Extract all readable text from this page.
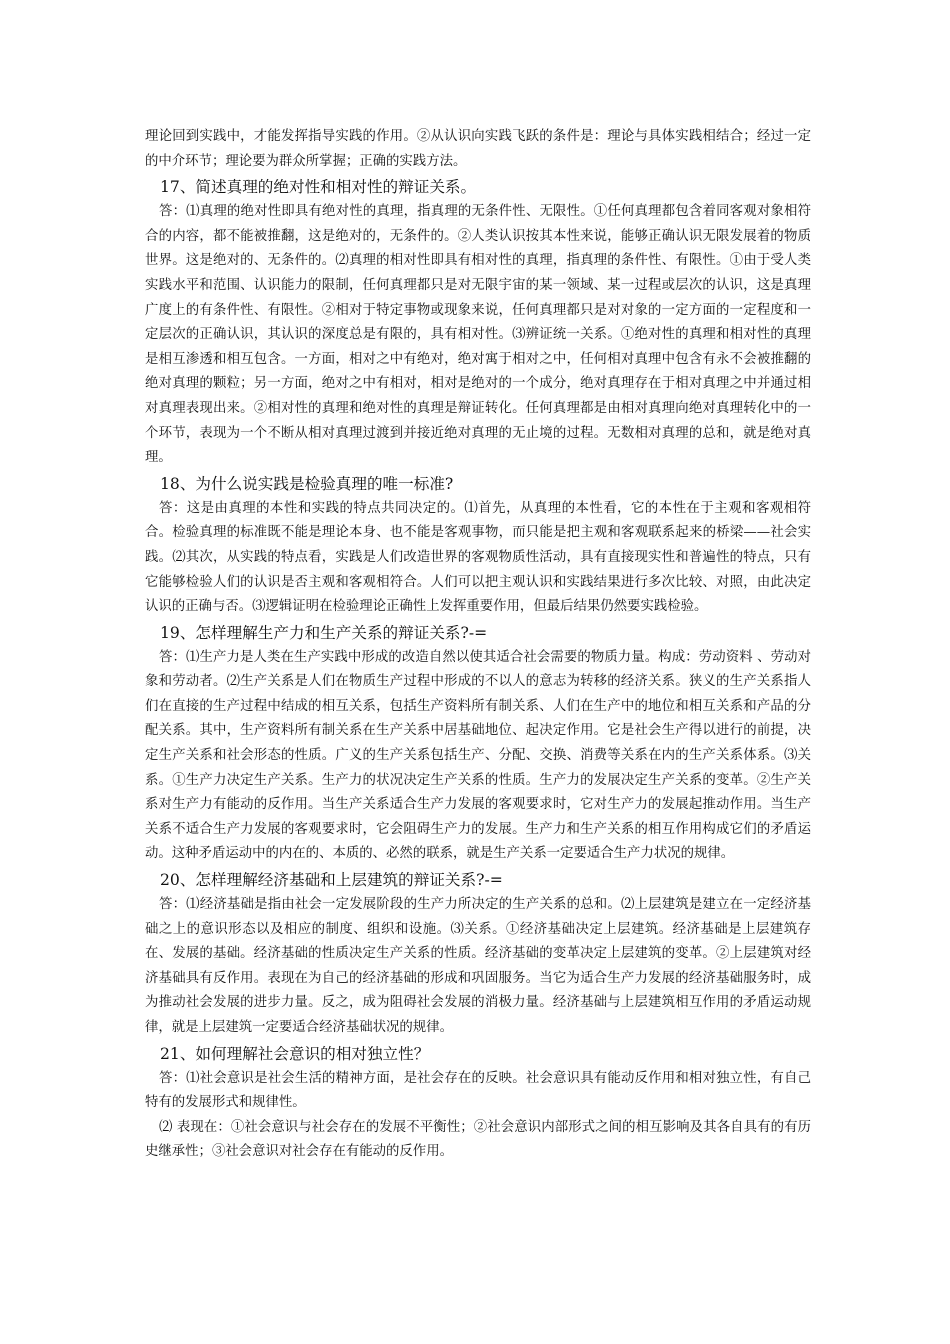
理论回到实践中，才能发挥指导实践的作用。②从认识向实践飞跃的条件是：理论与具体实践相结合；经过一定的中介环节；理论要为群众所掌握；正确的实践方法。

17、简述真理的绝对性和相对性的辩证关系。

答：⑴真理的绝对性即具有绝对性的真理，指真理的无条件性、无限性。①任何真理都包含着同客观对象相符合的内容，都不能被推翻，这是绝对的，无条件的。②人类认识按其本性来说，能够正确认识无限发展着的物质世界。这是绝对的、无条件的。⑵真理的相对性即具有相对性的真理，指真理的条件性、有限性。①由于受人类实践水平和范围、认识能力的限制，任何真理都只是对无限宇宙的某一领域、某一过程或层次的认识，这是真理广度上的有条件性、有限性。②相对于特定事物或现象来说，任何真理都只是对对象的一定方面的一定程度和一定层次的正确认识，其认识的深度总是有限的，具有相对性。⑶辨证统一关系。①绝对性的真理和相对性的真理是相互渗透和相互包含。一方面，相对之中有绝对，绝对寓于相对之中，任何相对真理中包含有永不会被推翻的绝对真理的颗粒；另一方面，绝对之中有相对，相对是绝对的一个成分，绝对真理存在于相对真理之中并通过相对真理表现出来。②相对性的真理和绝对性的真理是辩证转化。任何真理都是由相对真理向绝对真理转化中的一个环节，表现为一个不断从相对真理过渡到并接近绝对真理的无止境的过程。无数相对真理的总和，就是绝对真理。

18、为什么说实践是检验真理的唯一标准?

答：这是由真理的本性和实践的特点共同决定的。⑴首先，从真理的本性看，它的本性在于主观和客观相符合。检验真理的标准既不能是理论本身、也不能是客观事物，而只能是把主观和客观联系起来的桥梁——社会实践。⑵其次，从实践的特点看，实践是人们改造世界的客观物质性活动，具有直接现实性和普遍性的特点，只有它能够检验人们的认识是否主观和客观相符合。人们可以把主观认识和实践结果进行多次比较、对照，由此决定认识的正确与否。⑶逻辑证明在检验理论正确性上发挥重要作用，但最后结果仍然要实践检验。

19、怎样理解生产力和生产关系的辩证关系?-=

答：⑴生产力是人类在生产实践中形成的改造自然以使其适合社会需要的物质力量。构成：劳动资料 、劳动对象和劳动者。⑵生产关系是人们在物质生产过程中形成的不以人的意志为转移的经济关系。狭义的生产关系指人们在直接的生产过程中结成的相互关系，包括生产资料所有制关系、人们在生产中的地位和相互关系和产品的分配关系。其中，生产资料所有制关系在生产关系中居基础地位、起决定作用。它是社会生产得以进行的前提，决定生产关系和社会形态的性质。广义的生产关系包括生产、分配、交换、消费等关系在内的生产关系体系。⑶关系。①生产力决定生产关系。生产力的状况决定生产关系的性质。生产力的发展决定生产关系的变革。②生产关系对生产力有能动的反作用。当生产关系适合生产力发展的客观要求时，它对生产力的发展起推动作用。当生产关系不适合生产力发展的客观要求时，它会阻碍生产力的发展。生产力和生产关系的相互作用构成它们的矛盾运动。这种矛盾运动中的内在的、本质的、必然的联系，就是生产关系一定要适合生产力状况的规律。

20、怎样理解经济基础和上层建筑的辩证关系?-=

答：⑴经济基础是指由社会一定发展阶段的生产力所决定的生产关系的总和。⑵上层建筑是建立在一定经济基础之上的意识形态以及相应的制度、组织和设施。⑶关系。①经济基础决定上层建筑。经济基础是上层建筑存在、发展的基础。经济基础的性质决定生产关系的性质。经济基础的变革决定上层建筑的变革。②上层建筑对经济基础具有反作用。表现在为自己的经济基础的形成和巩固服务。当它为适合生产力发展的经济基础服务时，成为推动社会发展的进步力量。反之，成为阻碍社会发展的消极力量。经济基础与上层建筑相互作用的矛盾运动规律，就是上层建筑一定要适合经济基础状况的规律。

21、如何理解社会意识的相对独立性？

答：⑴社会意识是社会生活的精神方面，是社会存在的反映。社会意识具有能动反作用和相对独立性，有自己特有的发展形式和规律性。

⑵ 表现在：①社会意识与社会存在的发展不平衡性；②社会意识内部形式之间的相互影响及其各自具有的有历史继承性；③社会意识对社会存在有能动的反作用。
